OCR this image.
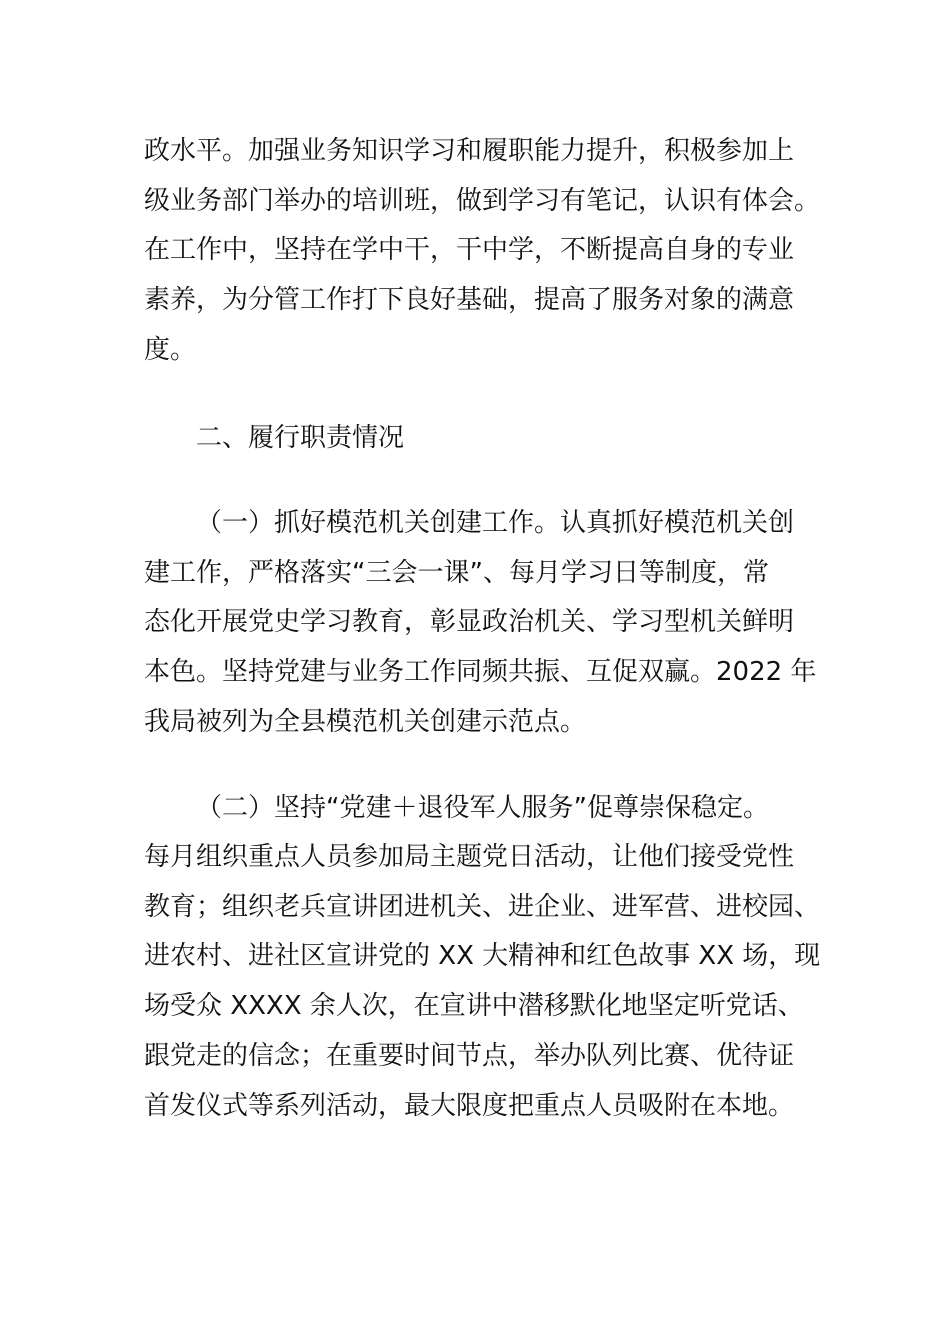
政水平。加强业务知识学习和履职能力提升，积极参加上
级业务部门举办的培训班，做到学习有笔记，认识有体会。
在工作中，坚持在学中干，干中学，不断提高自身的专业
素养，为分管工作打下良好基础，提高了服务对象的满意
度。
二、履行职责情况
（一）抓好模范机关创建工作。认真抓好模范机关创
建工作，严格落实“三会一课”、每月学习日等制度，常
态化开展党史学习教育，彰显政治机关、学习型机关鲜明
本色。坚持党建与业务工作同频共振、互促双赢。2022 年
我局被列为全县模范机关创建示范点。
（二）坚持“党建＋退役军人服务”促尊崇保稳定。
每月组织重点人员参加局主题党日活动，让他们接受党性
教育；组织老兵宣讲团进机关、进企业、进军营、进校园、
进农村、进社区宣讲党的 XX 大精神和红色故事 XX 场，现
场受众 XXXX 余人次，在宣讲中潜移默化地坚定听党话、
跟党走的信念；在重要时间节点，举办队列比赛、优待证
首发仪式等系列活动，最大限度把重点人员吸附在本地。
